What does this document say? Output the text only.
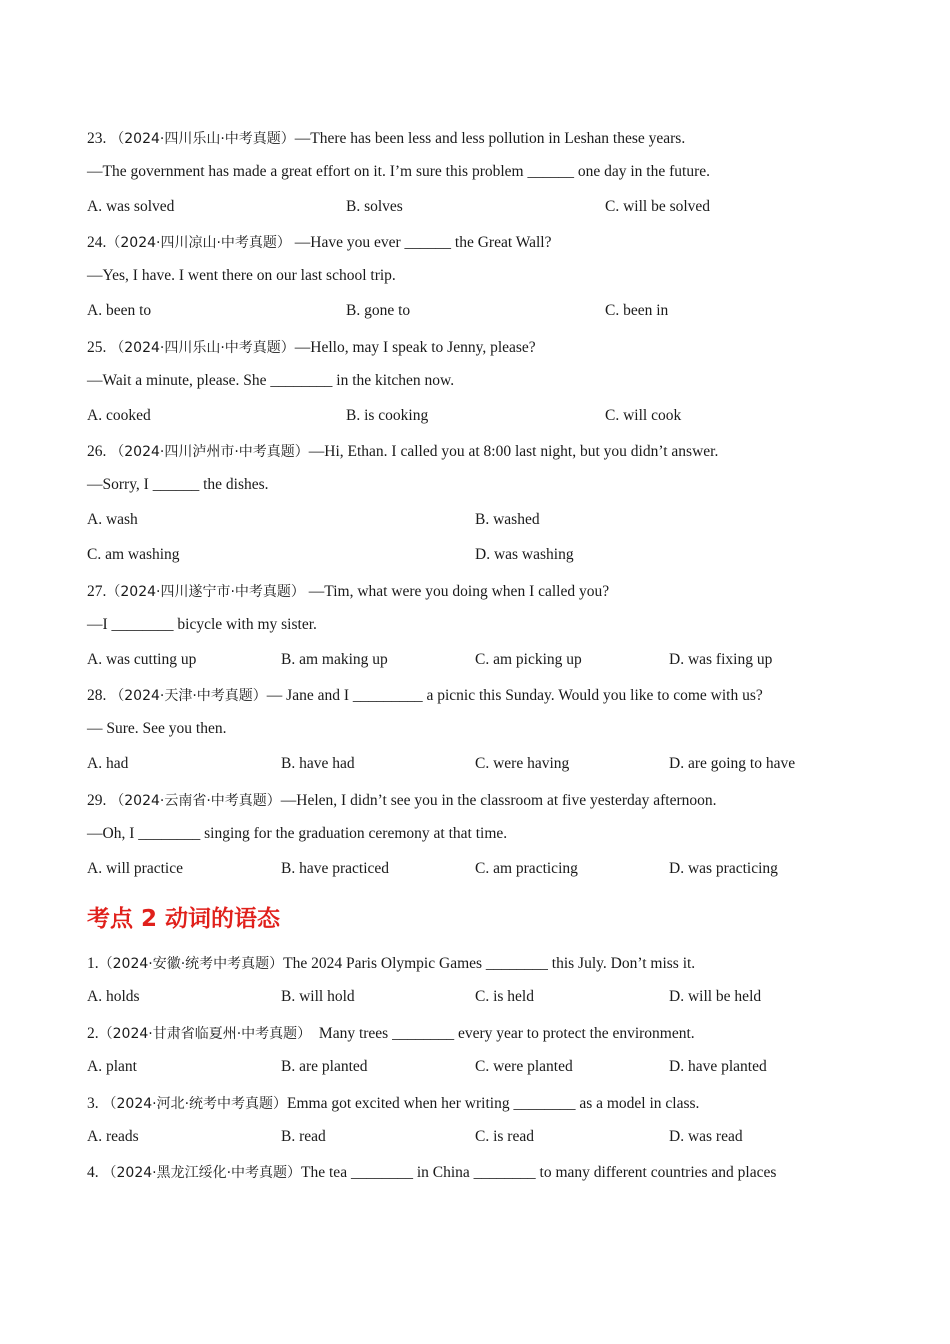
23. （2024·四川乐山·中考真题）—There has been less and less pollution in Leshan these years.
—The government has made a great effort on it. I’m sure this problem ______ one day in the future.
A. was solved	B. solves	C. will be solved
24.（2024·四川凉山·中考真题） —Have you ever ______ the Great Wall?
—Yes, I have. I went there on our last school trip.
A. been to	B. gone to	C. been in
25. （2024·四川乐山·中考真题）—Hello, may I speak to Jenny, please?
—Wait a minute, please. She ________ in the kitchen now.
A. cooked	B. is cooking	C. will cook
26. （2024·四川泸州市·中考真题）—Hi, Ethan. I called you at 8:00 last night, but you didn’t answer.
—Sorry, I ______ the dishes.
A. wash	B. washed
C. am washing	D. was washing
27.（2024·四川遂宁市·中考真题） —Tim, what were you doing when I called you?
—I ________ bicycle with my sister.
A. was cutting up	B. am making up	C. am picking up	D. was fixing up
28. （2024·天津·中考真题）— Jane and I _________ a picnic this Sunday. Would you like to come with us?
— Sure. See you then.
A. had	B. have had	C. were having	D. are going to have
29. （2024·云南省·中考真题）—Helen, I didn’t see you in the classroom at five yesterday afternoon.
—Oh, I ________ singing for the graduation ceremony at that time.
A. will practice	B. have practiced	C. am practicing	D. was practicing
考点 2 动词的语态
1.（2024·安徽·统考中考真题）The 2024 Paris Olympic Games ________ this July. Don’t miss it.
A. holds	B. will hold	C. is held	D. will be held
2.（2024·甘肃省临夏州·中考真题）  Many trees ________ every year to protect the environment.
A. plant	B. are planted	C. were planted	D. have planted
3. （2024·河北·统考中考真题）Emma got excited when her writing ________ as a model in class.
A. reads	B. read	C. is read	D. was read
4. （2024·黑龙江绥化·中考真题）The tea ________ in China ________ to many different countries and places
